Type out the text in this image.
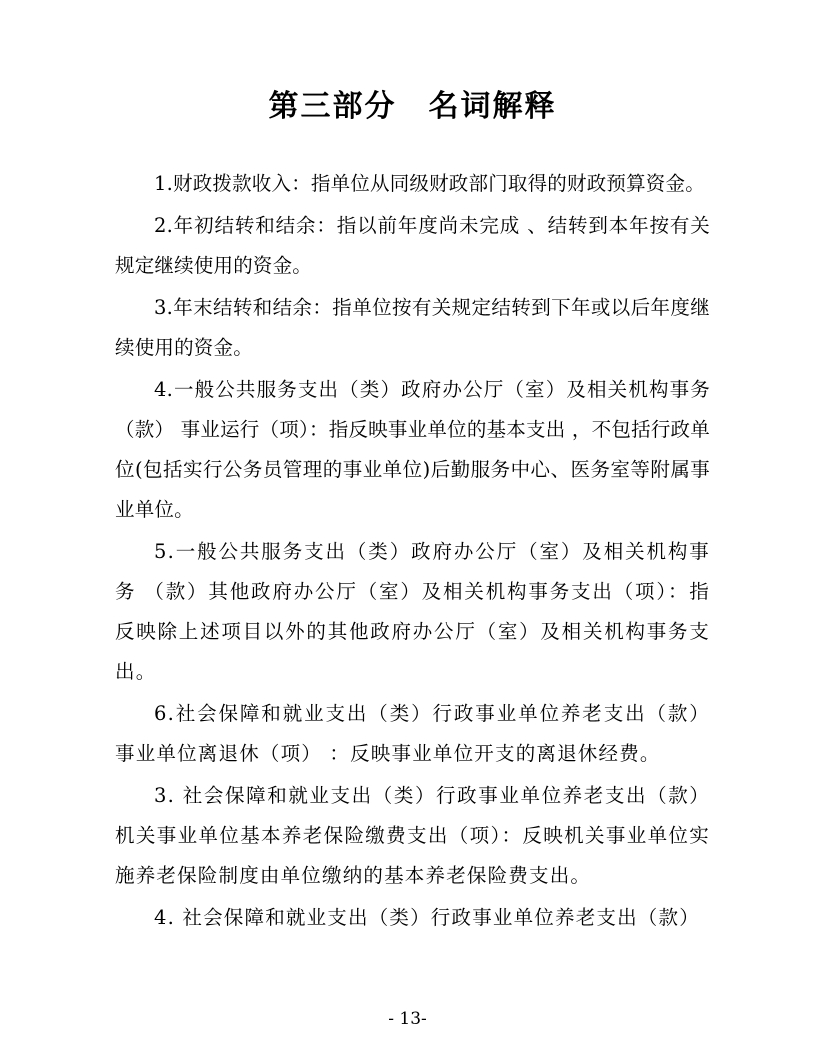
第三部分　名词解释

1.财政拨款收入：指单位从同级财政部门取得的财政预算资金。

2.年初结转和结余：指以前年度尚未完成 、结转到本年按有关规定继续使用的资金。

3.年末结转和结余：指单位按有关规定结转到下年或以后年度继续使用的资金。

4.一般公共服务支出（类）政府办公厅（室）及相关机构事务 （款） 事业运行（项）：指反映事业单位的基本支出 ，不包括行政单位(包括实行公务员管理的事业单位)后勤服务中心、医务室等附属事业单位。

5.一般公共服务支出（类）政府办公厅（室）及相关机构事务 （款）其他政府办公厅（室）及相关机构事务支出（项）：指反映除上述项目以外的其他政府办公厅（室）及相关机构事务支出。

6.社会保障和就业支出（类）行政事业单位养老支出（款）事业单位离退休（项） ：反映事业单位开支的离退休经费。

3. 社会保障和就业支出（类）行政事业单位养老支出（款）机关事业单位基本养老保险缴费支出（项）：反映机关事业单位实施养老保险制度由单位缴纳的基本养老保险费支出。

4. 社会保障和就业支出（类）行政事业单位养老支出（款）

- 13-
